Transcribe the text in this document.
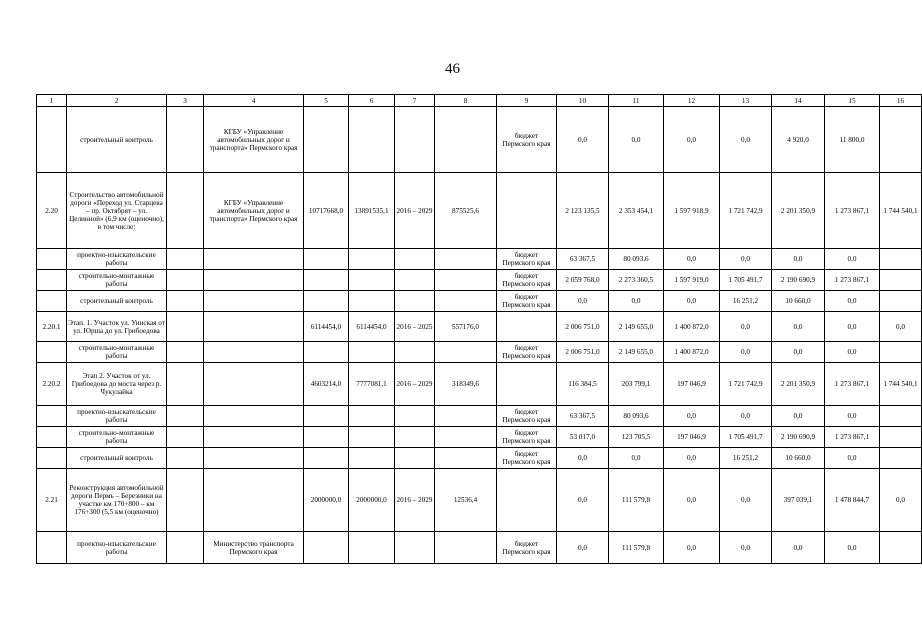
46
1	2	3	4	5	6	7	8	9	10	11	12	13	14	15	16
	строительный контроль		КГБУ «Управление автомобильных дорог и транспорта» Пермского края					бюджет Пермского края	0,0	0,0	0,0	0,0	4 920,0	11 800,0	
2.20	Строительство автомобильной дороги «Переход ул. Старцева – пр. Октябрят – ул. Целинной» (6,9 км (оценочно), в том числе:		КГБУ «Управление автомобильных дорог и транспорта» Пермского края	10717668,0	13891535,1	2016 – 2029	875525,6		2 123 135,5	2 353 454,1	1 597 918,9	1 721 742,9	2 201 350,9	1 273 867,1	1 744 540,1
	проектно-изыскательские работы							бюджет Пермского края	63 367,5	80 093,6	0,0	0,0	0,0	0,0	
	строительно-монтажные работы							бюджет Пермского края	2 059 768,0	2 273 360,5	1 597 919,0	1 705 491,7	2 190 690,9	1 273 867,1	
	строительный контроль							бюджет Пермского края	0,0	0,0	0,0	16 251,2	10 660,0	0,0	
2.20.1	Этап. 1. Участок ул. Уинская от ул. Юрша до ул. Грибоедова			6114454,0	6114454,0	2016 – 2025	557176,0		2 006 751,0	2 149 655,0	1 400 872,0	0,0	0,0	0,0	0,0
	строительно-монтажные работы							бюджет Пермского края	2 006 751,0	2 149 655,0	1 400 872,0	0,0	0,0	0,0	
2.20.2	Этап 2. Участок от ул. Грибоедова до моста через р. Чукулайка			4603214,0	7777081,1	2016 – 2029	318349,6		116 384,5	203 799,1	197 046,9	1 721 742,9	2 201 350,9	1 273 867,1	1 744 540,1
	проектно-изыскательские работы							бюджет Пермского края	63 367,5	80 093,6	0,0	0,0	0,0	0,0	
	строительно-монтажные работы							бюджет Пермского края	53 017,0	123 705,5	197 046,9	1 705 491,7	2 190 690,9	1 273 867,1	
	строительный контроль							бюджет Пермского края	0,0	0,0	0,0	16 251,2	10 660,0	0,0	
2.21	Реконструкция автомобильной дороги Пермь – Березники на участке км 170+800 – км 176+300 (5,5 км (оценочно)			2000000,0	2000000,0	2016 – 2029	12536,4		0,0	111 579,8	0,0	0,0	397 039,1	1 478 844,7	0,0
	проектно-изыскательские работы		Министерство транспорта Пермского края					бюджет Пермского края	0,0	111 579,8	0,0	0,0	0,0	0,0	
